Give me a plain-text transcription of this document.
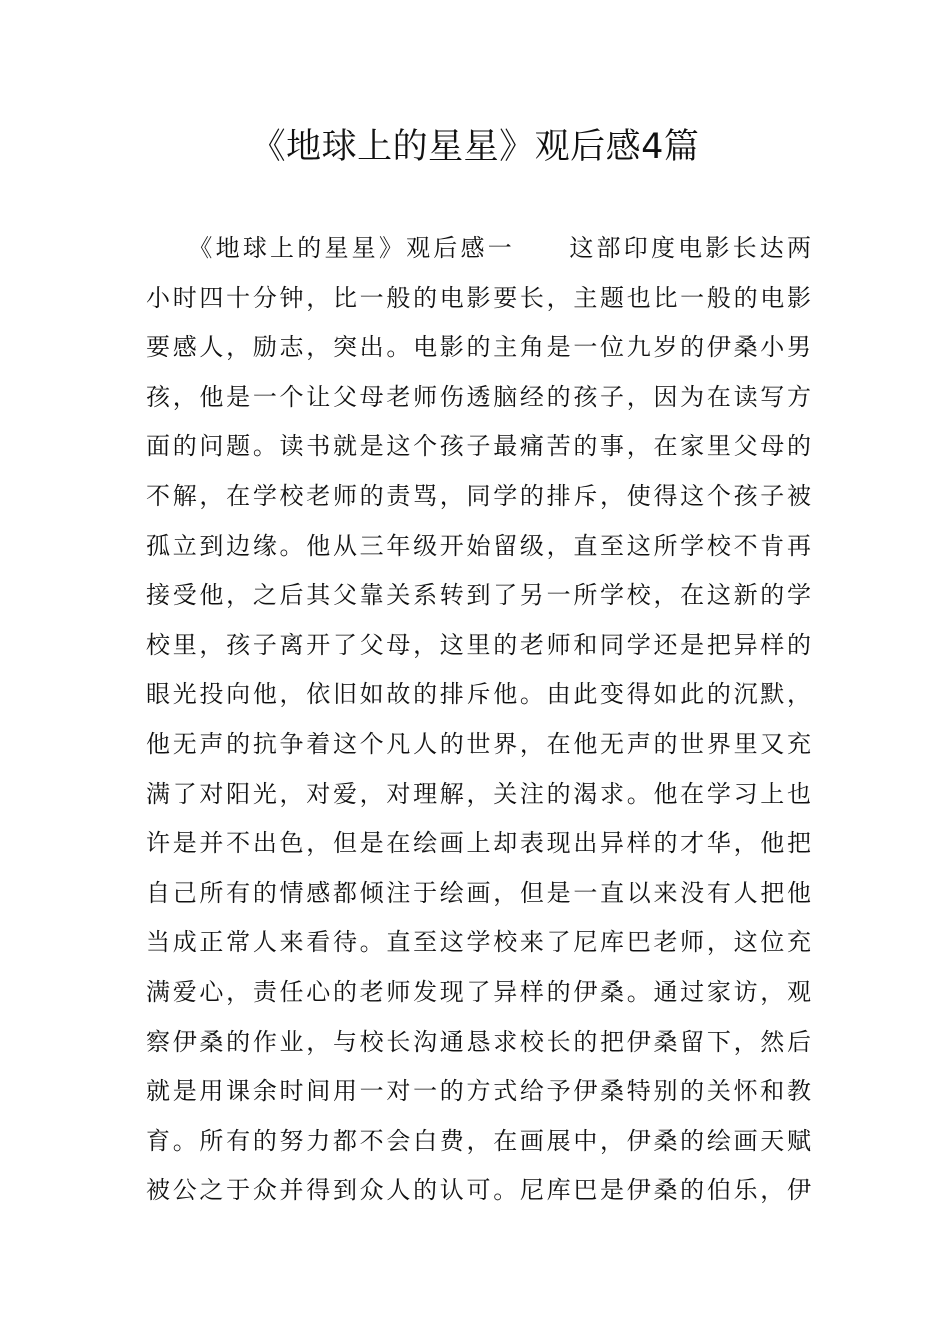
《地球上的星星》观后感4篇
　　《地球上的星星》观后感一　　这部印度电影长达两
小时四十分钟，比一般的电影要长，主题也比一般的电影
要感人，励志，突出。电影的主角是一位九岁的伊桑小男
孩，他是一个让父母老师伤透脑经的孩子，因为在读写方
面的问题。读书就是这个孩子最痛苦的事，在家里父母的
不解，在学校老师的责骂，同学的排斥，使得这个孩子被
孤立到边缘。他从三年级开始留级，直至这所学校不肯再
接受他，之后其父靠关系转到了另一所学校，在这新的学
校里，孩子离开了父母，这里的老师和同学还是把异样的
眼光投向他，依旧如故的排斥他。由此变得如此的沉默，
他无声的抗争着这个凡人的世界，在他无声的世界里又充
满了对阳光，对爱，对理解，关注的渴求。他在学习上也
许是并不出色，但是在绘画上却表现出异样的才华，他把
自己所有的情感都倾注于绘画，但是一直以来没有人把他
当成正常人来看待。直至这学校来了尼库巴老师，这位充
满爱心，责任心的老师发现了异样的伊桑。通过家访，观
察伊桑的作业，与校长沟通恳求校长的把伊桑留下，然后
就是用课余时间用一对一的方式给予伊桑特别的关怀和教
育。所有的努力都不会白费，在画展中，伊桑的绘画天赋
被公之于众并得到众人的认可。尼库巴是伊桑的伯乐，伊
